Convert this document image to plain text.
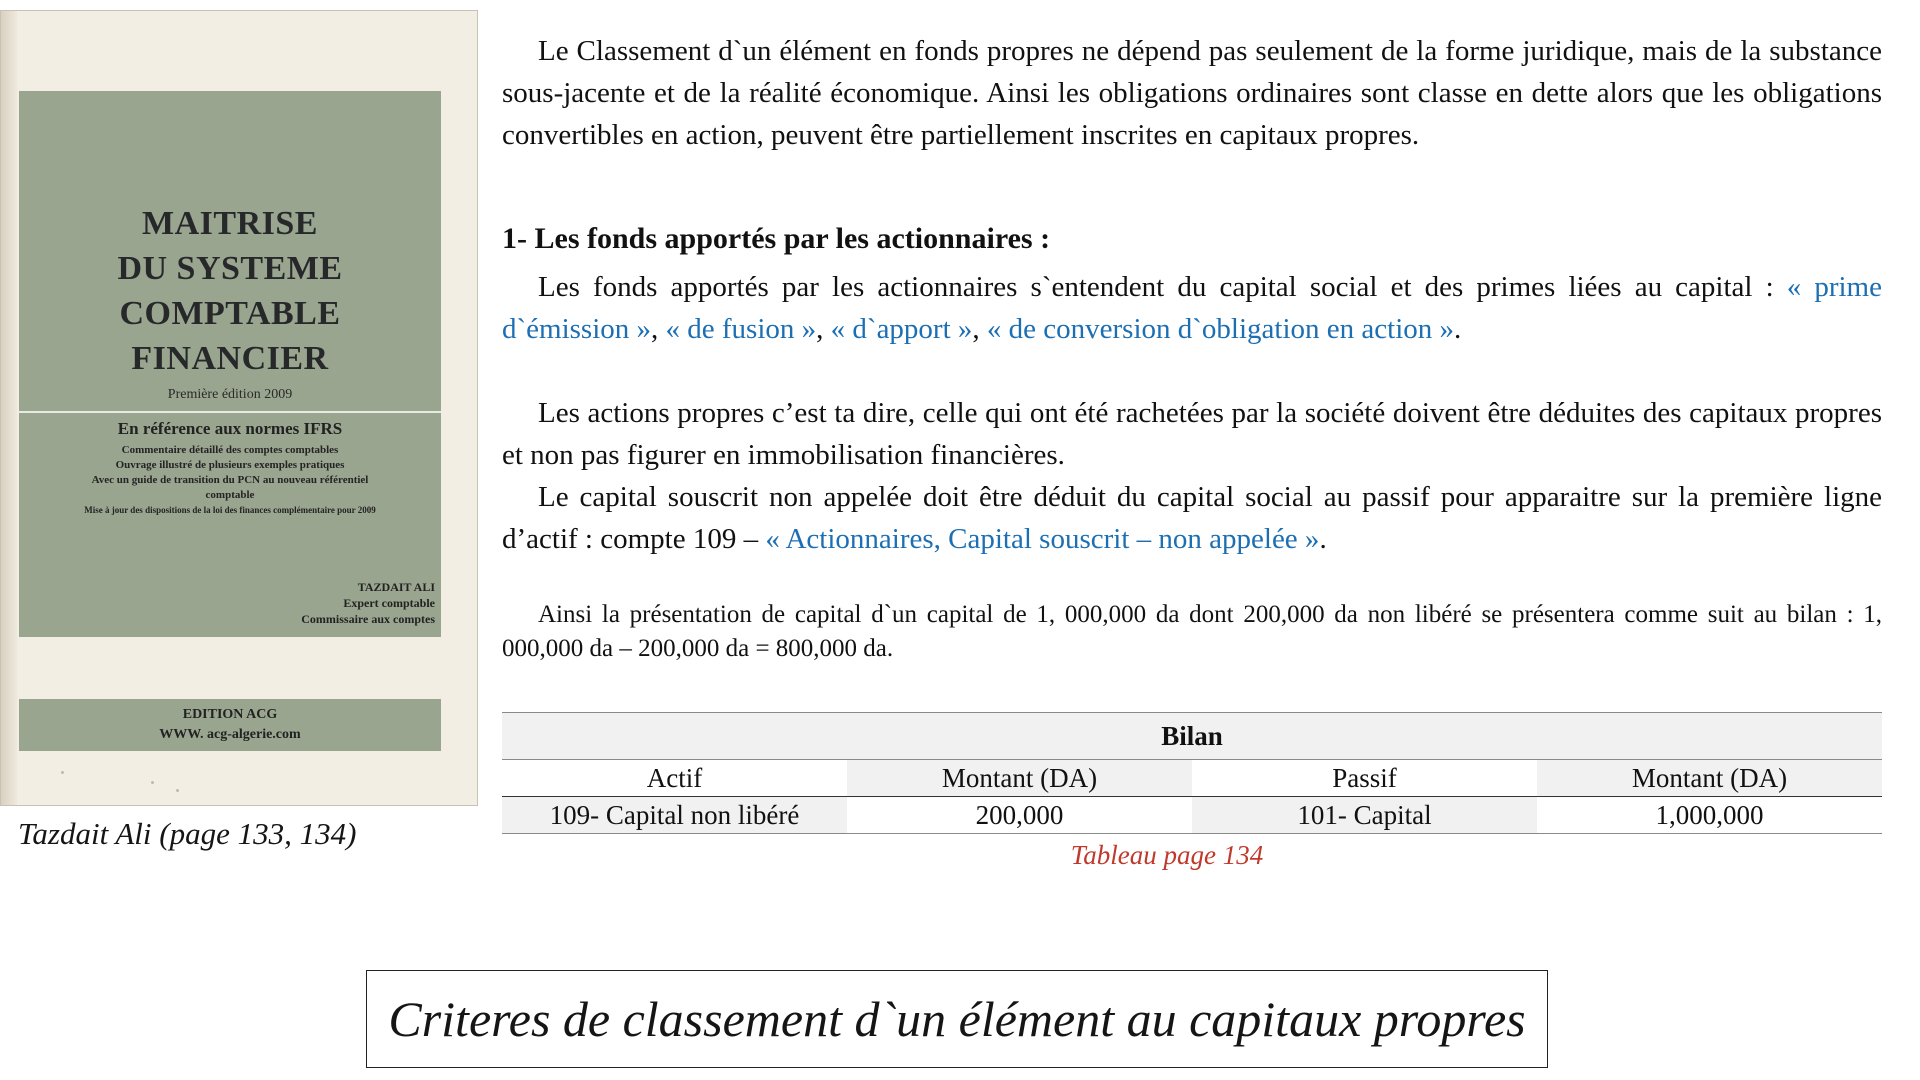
MAITRISE
DU SYSTEME
COMPTABLE
FINANCIER
Première édition 2009
En référence aux normes IFRS
Commentaire détaillé des comptes comptables
Ouvrage illustré de plusieurs exemples pratiques
Avec un guide de transition du PCN au nouveau référentiel
comptable
Mise à jour des dispositions de la loi des finances complémentaire pour 2009
TAZDAIT ALI
Expert comptable
Commissaire aux comptes
EDITION ACG
WWW. acg-algerie.com
Tazdait Ali (page 133, 134)

Le Classement d`un élément en fonds propres ne dépend pas seulement de la forme juridique, mais de la substance sous-jacente et de la réalité économique. Ainsi les obligations ordinaires sont classe en dette alors que les obligations convertibles en action, peuvent être partiellement inscrites en capitaux propres.

1- Les fonds apportés par les actionnaires :

Les fonds apportés par les actionnaires s`entendent du capital social et des primes liées au capital : « prime d`émission », « de fusion », « d`apport », « de conversion d`obligation en action ».

Les actions propres c’est ta dire, celle qui ont été rachetées par la société doivent être déduites des capitaux propres et non pas figurer en immobilisation financières.

Le capital souscrit non appelée doit être déduit du capital social au passif pour apparaitre sur la première ligne d’actif : compte 109 – « Actionnaires, Capital souscrit – non appelée ».

Ainsi la présentation de capital d`un capital de 1, 000,000 da dont 200,000 da non libéré se présentera comme suit au bilan : 1, 000,000 da – 200,000 da = 800,000 da.

Bilan			
Actif	Montant (DA)	Passif	Montant (DA)
109- Capital non libéré	200,000	101- Capital	1,000,000
Tableau page 134
Criteres de classement d`un élément au capitaux propres
